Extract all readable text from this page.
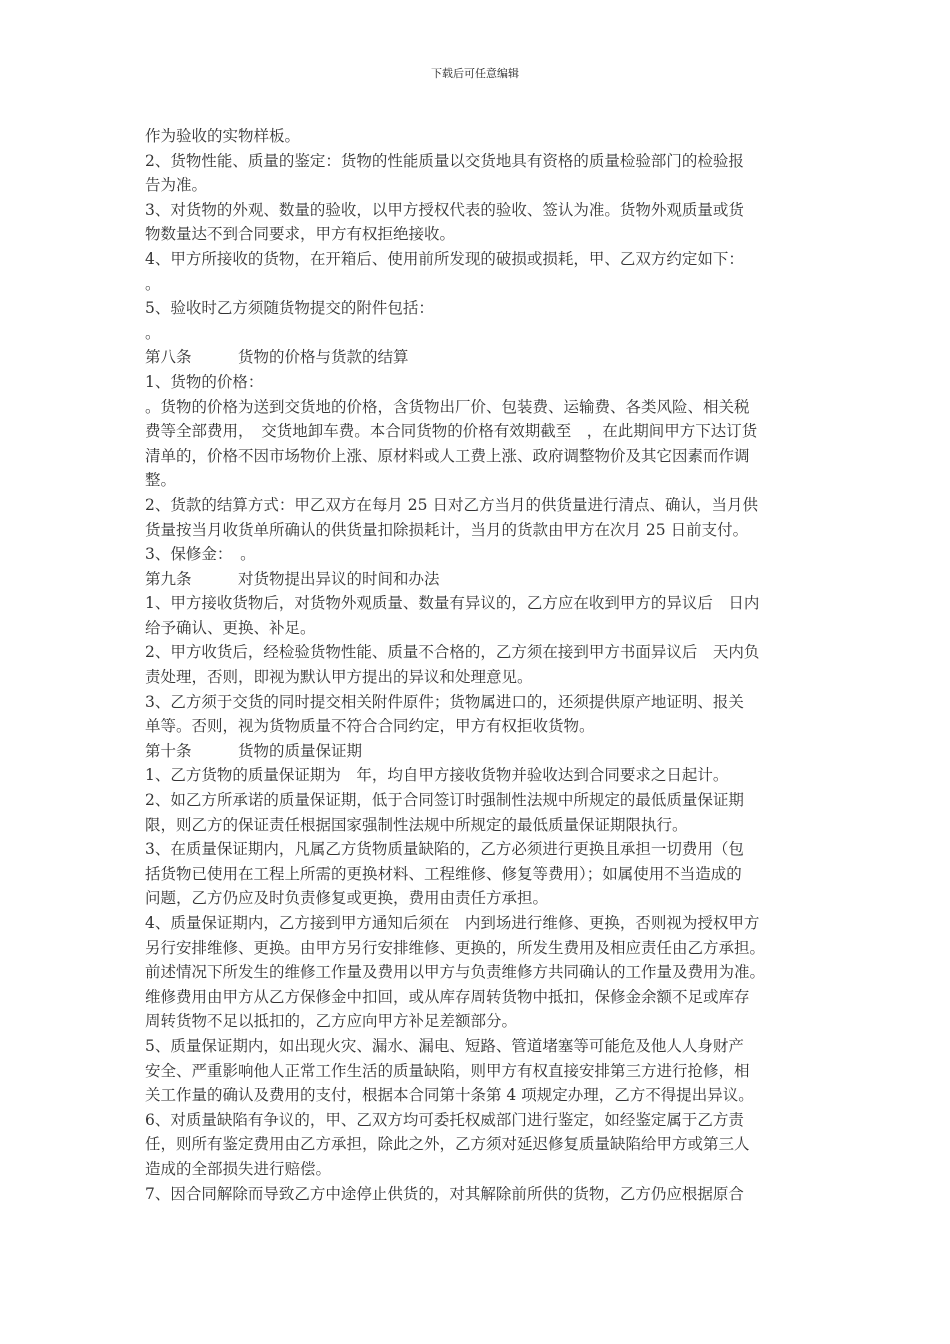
下载后可任意编辑
作为验收的实物样板。
2、货物性能、质量的鉴定：货物的性能质量以交货地具有资格的质量检验部门的检验报
告为准。
3、对货物的外观、数量的验收，以甲方授权代表的验收、签认为准。货物外观质量或货
物数量达不到合同要求，甲方有权拒绝接收。
4、甲方所接收的货物，在开箱后、使用前所发现的破损或损耗，甲、乙双方约定如下：
。
5、验收时乙方须随货物提交的附件包括：
。
第八条　　　货物的价格与货款的结算
1、货物的价格：
。货物的价格为送到交货地的价格，含货物出厂价、包装费、运输费、各类风险、相关税
费等全部费用，　交货地卸车费。本合同货物的价格有效期截至　，在此期间甲方下达订货
清单的，价格不因市场物价上涨、原材料或人工费上涨、政府调整物价及其它因素而作调
整。
2、货款的结算方式：甲乙双方在每月 25 日对乙方当月的供货量进行清点、确认，当月供
货量按当月收货单所确认的供货量扣除损耗计，当月的货款由甲方在次月 25 日前支付。
3、保修金：　。
第九条　　　对货物提出异议的时间和办法
1、甲方接收货物后，对货物外观质量、数量有异议的，乙方应在收到甲方的异议后　日内
给予确认、更换、补足。
2、甲方收货后，经检验货物性能、质量不合格的，乙方须在接到甲方书面异议后　天内负
责处理，否则，即视为默认甲方提出的异议和处理意见。
3、乙方须于交货的同时提交相关附件原件；货物属进口的，还须提供原产地证明、报关
单等。否则，视为货物质量不符合合同约定，甲方有权拒收货物。
第十条　　　货物的质量保证期
1、乙方货物的质量保证期为　年，均自甲方接收货物并验收达到合同要求之日起计。
2、如乙方所承诺的质量保证期，低于合同签订时强制性法规中所规定的最低质量保证期
限，则乙方的保证责任根据国家强制性法规中所规定的最低质量保证期限执行。
3、在质量保证期内，凡属乙方货物质量缺陷的，乙方必须进行更换且承担一切费用（包
括货物已使用在工程上所需的更换材料、工程维修、修复等费用）；如属使用不当造成的
问题，乙方仍应及时负责修复或更换，费用由责任方承担。
4、质量保证期内，乙方接到甲方通知后须在　内到场进行维修、更换，否则视为授权甲方
另行安排维修、更换。由甲方另行安排维修、更换的，所发生费用及相应责任由乙方承担。
前述情况下所发生的维修工作量及费用以甲方与负责维修方共同确认的工作量及费用为准。
维修费用由甲方从乙方保修金中扣回，或从库存周转货物中抵扣，保修金余额不足或库存
周转货物不足以抵扣的，乙方应向甲方补足差额部分。
5、质量保证期内，如出现火灾、漏水、漏电、短路、管道堵塞等可能危及他人人身财产
安全、严重影响他人正常工作生活的质量缺陷，则甲方有权直接安排第三方进行抢修，相
关工作量的确认及费用的支付，根据本合同第十条第 4 项规定办理，乙方不得提出异议。
6、对质量缺陷有争议的，甲、乙双方均可委托权威部门进行鉴定，如经鉴定属于乙方责
任，则所有鉴定费用由乙方承担，除此之外，乙方须对延迟修复质量缺陷给甲方或第三人
造成的全部损失进行赔偿。
7、因合同解除而导致乙方中途停止供货的，对其解除前所供的货物，乙方仍应根据原合
